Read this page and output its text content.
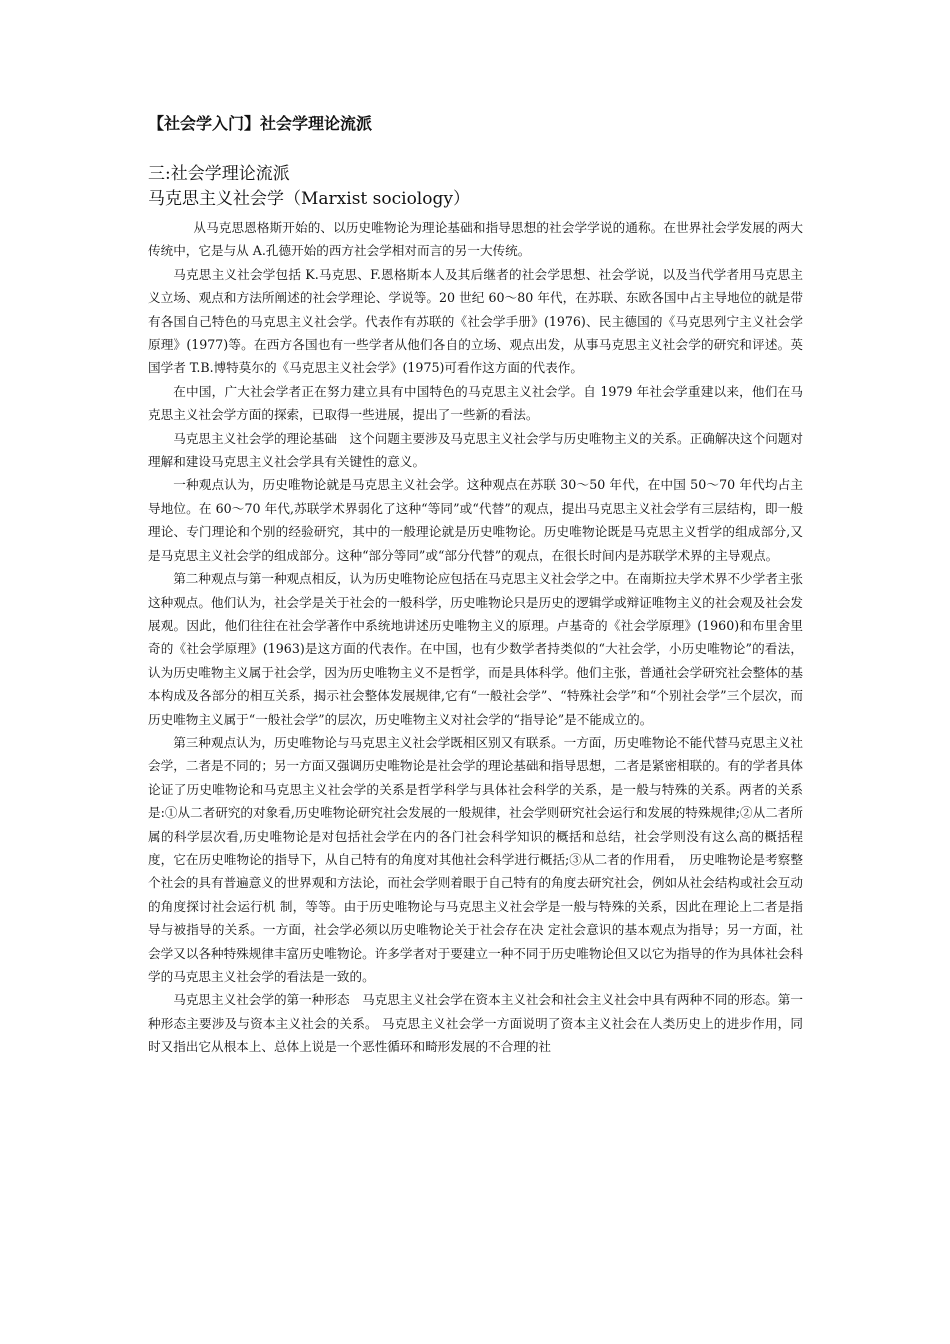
【社会学入门】社会学理论流派
三:社会学理论流派
马克思主义社会学（Marxist sociology）

从马克思恩格斯开始的、以历史唯物论为理论基础和指导思想的社会学学说的通称。在世界社会学发展的两大传统中，它是与从 A.孔德开始的西方社会学相对而言的另一大传统。

马克思主义社会学包括 K.马克思、F.恩格斯本人及其后继者的社会学思想、社会学说，以及当代学者用马克思主义立场、观点和方法所阐述的社会学理论、学说等。20 世纪 60～80 年代，在苏联、东欧各国中占主导地位的就是带有各国自己特色的马克思主义社会学。代表作有苏联的《社会学手册》(1976)、民主德国的《马克思列宁主义社会学原理》(1977)等。在西方各国也有一些学者从他们各自的立场、观点出发，从事马克思主义社会学的研究和评述。英国学者 T.B.博特莫尔的《马克思主义社会学》(1975)可看作这方面的代表作。

在中国，广大社会学者正在努力建立具有中国特色的马克思主义社会学。自 1979 年社会学重建以来，他们在马克思主义社会学方面的探索，已取得一些进展，提出了一些新的看法。

马克思主义社会学的理论基础　这个问题主要涉及马克思主义社会学与历史唯物主义的关系。正确解决这个问题对理解和建设马克思主义社会学具有关键性的意义。

一种观点认为，历史唯物论就是马克思主义社会学。这种观点在苏联 30～50 年代，在中国 50～70 年代均占主导地位。在 60～70 年代,苏联学术界弱化了这种“等同”或“代替”的观点，提出马克思主义社会学有三层结构，即一般理论、专门理论和个别的经验研究，其中的一般理论就是历史唯物论。历史唯物论既是马克思主义哲学的组成部分,又是马克思主义社会学的组成部分。这种“部分等同”或“部分代替”的观点，在很长时间内是苏联学术界的主导观点。

第二种观点与第一种观点相反，认为历史唯物论应包括在马克思主义社会学之中。在南斯拉夫学术界不少学者主张这种观点。他们认为，社会学是关于社会的一般科学，历史唯物论只是历史的逻辑学或辩证唯物主义的社会观及社会发展观。因此，他们往往在社会学著作中系统地讲述历史唯物主义的原理。卢基奇的《社会学原理》(1960)和布里舍里奇的《社会学原理》(1963)是这方面的代表作。在中国，也有少数学者持类似的“大社会学，小历史唯物论”的看法，认为历史唯物主义属于社会学，因为历史唯物主义不是哲学，而是具体科学。他们主张，普通社会学研究社会整体的基本构成及各部分的相互关系，揭示社会整体发展规律,它有“一般社会学”、“特殊社会学”和“个别社会学”三个层次，而历史唯物主义属于“一般社会学”的层次，历史唯物主义对社会学的“指导论”是不能成立的。

第三种观点认为，历史唯物论与马克思主义社会学既相区别又有联系。一方面，历史唯物论不能代替马克思主义社会学，二者是不同的；另一方面又强调历史唯物论是社会学的理论基础和指导思想，二者是紧密相联的。有的学者具体论证了历史唯物论和马克思主义社会学的关系是哲学科学与具体社会科学的关系，是一般与特殊的关系。两者的关系是:①从二者研究的对象看,历史唯物论研究社会发展的一般规律，社会学则研究社会运行和发展的特殊规律;②从二者所属的科学层次看,历史唯物论是对包括社会学在内的各门社会科学知识的概括和总结，社会学则没有这么高的概括程度，它在历史唯物论的指导下，从自己特有的角度对其他社会科学进行概括;③从二者的作用看，　历史唯物论是考察整个社会的具有普遍意义的世界观和方法论，而社会学则着眼于自己特有的角度去研究社会，例如从社会结构或社会互动的角度探讨社会运行机 制，等等。由于历史唯物论与马克思主义社会学是一般与特殊的关系，因此在理论上二者是指导与被指导的关系。一方面，社会学必须以历史唯物论关于社会存在决 定社会意识的基本观点为指导；另一方面，社会学又以各种特殊规律丰富历史唯物论。许多学者对于要建立一种不同于历史唯物论但又以它为指导的作为具体社会科 学的马克思主义社会学的看法是一致的。

马克思主义社会学的第一种形态　马克思主义社会学在资本主义社会和社会主义社会中具有两种不同的形态。第一种形态主要涉及与资本主义社会的关系。 马克思主义社会学一方面说明了资本主义社会在人类历史上的进步作用，同时又指出它从根本上、总体上说是一个恶性循环和畸形发展的不合理的社
